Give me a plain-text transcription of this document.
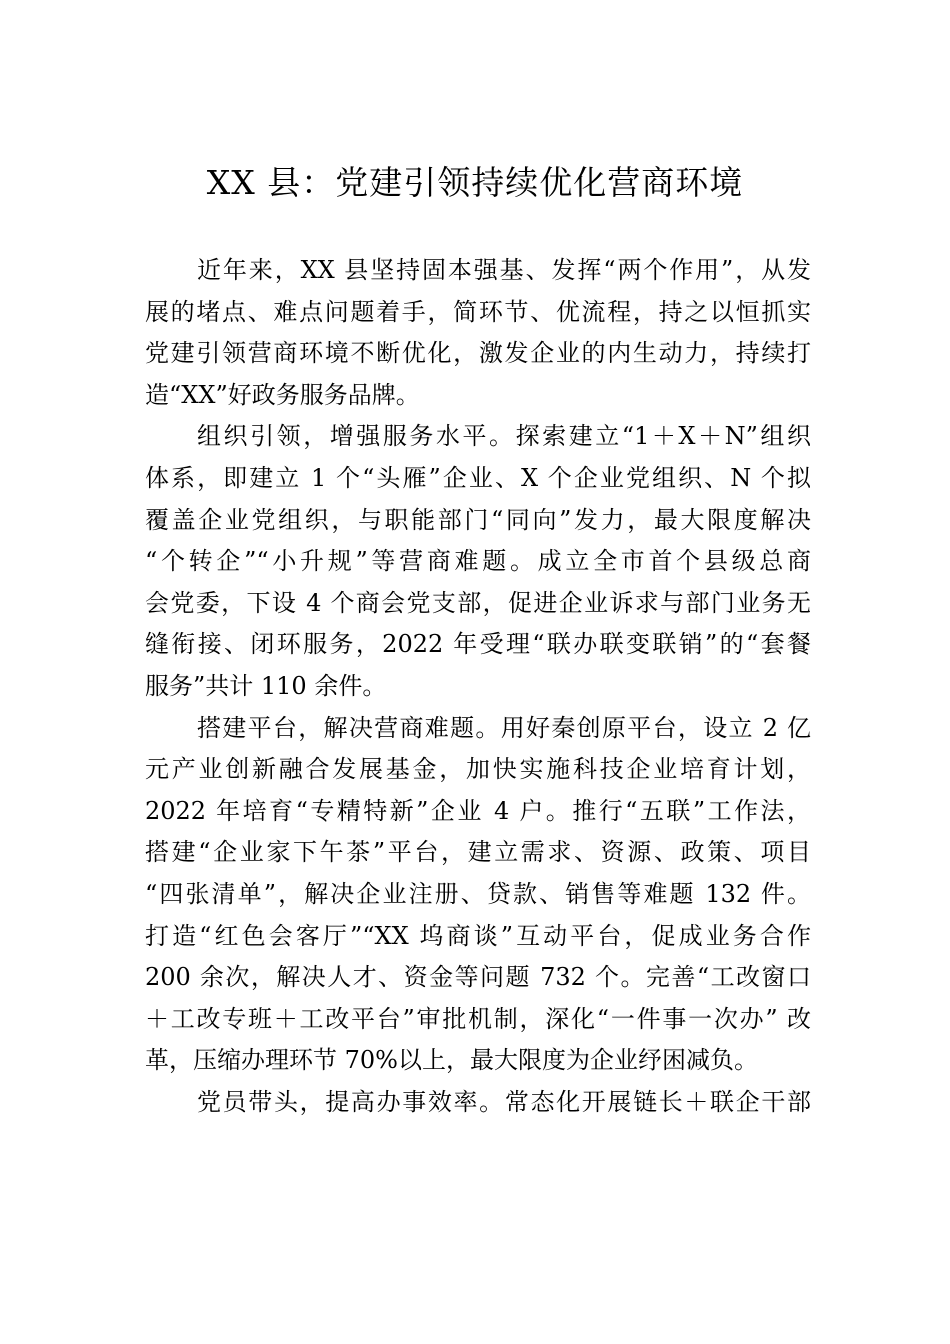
XX 县：党建引领持续优化营商环境
近年来，XX 县坚持固本强基、发挥“两个作用”，从发
展的堵点、难点问题着手，简环节、优流程，持之以恒抓实
党建引领营商环境不断优化，激发企业的内生动力，持续打
造“XX”好政务服务品牌。
组织引领，增强服务水平。探索建立“1＋X＋N”组织
体系，即建立 1 个“头雁”企业、X 个企业党组织、N 个拟
覆盖企业党组织，与职能部门“同向”发力，最大限度解决
“个转企”“小升规”等营商难题。成立全市首个县级总商
会党委，下设 4 个商会党支部，促进企业诉求与部门业务无
缝衔接、闭环服务，2022 年受理“联办联变联销”的“套餐
服务”共计 110 余件。
搭建平台，解决营商难题。用好秦创原平台，设立 2 亿
元产业创新融合发展基金，加快实施科技企业培育计划，
2022 年培育“专精特新”企业 4 户。推行“五联”工作法，
搭建“企业家下午茶”平台，建立需求、资源、政策、项目
“四张清单”，解决企业注册、贷款、销售等难题 132 件。
打造“红色会客厅”“XX 坞商谈”互动平台，促成业务合作
200 余次，解决人才、资金等问题 732 个。完善“工改窗口
＋工改专班＋工改平台”审批机制，深化“一件事一次办” 改
革，压缩办理环节 70%以上，最大限度为企业纾困减负。
党员带头，提高办事效率。常态化开展链长＋联企干部
